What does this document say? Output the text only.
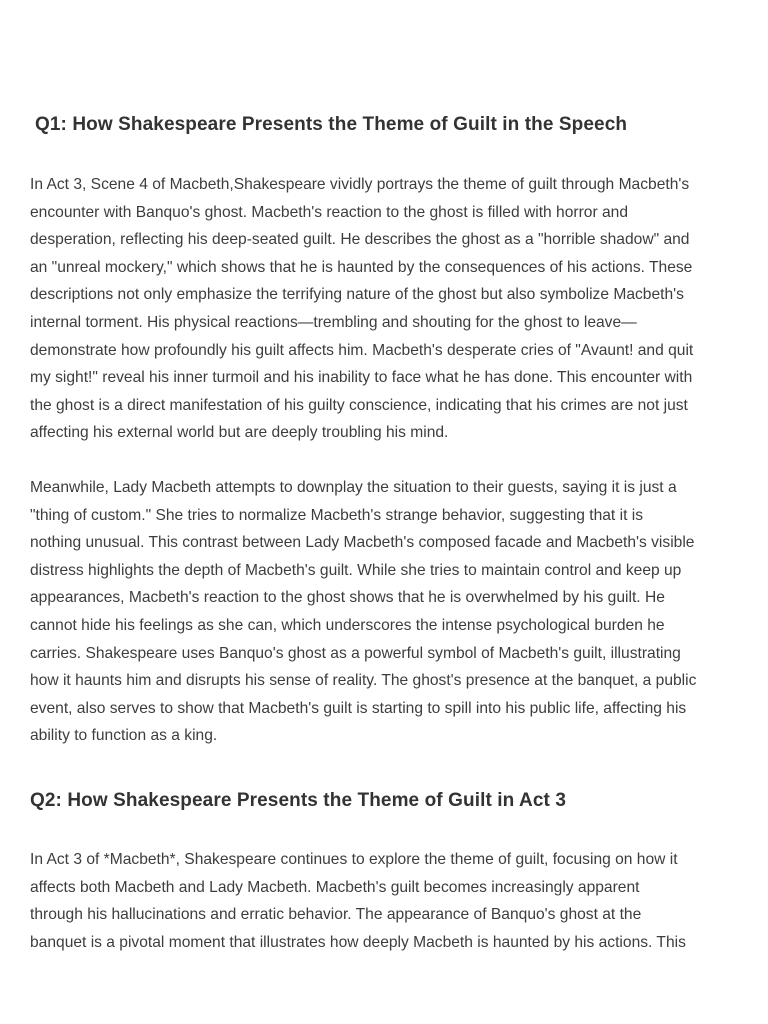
Q1: How Shakespeare Presents the Theme of Guilt in the Speech
In Act 3, Scene 4 of Macbeth,Shakespeare vividly portrays the theme of guilt through Macbeth's
encounter with Banquo's ghost. Macbeth's reaction to the ghost is filled with horror and
desperation, reflecting his deep-seated guilt. He describes the ghost as a "horrible shadow" and
an "unreal mockery," which shows that he is haunted by the consequences of his actions. These
descriptions not only emphasize the terrifying nature of the ghost but also symbolize Macbeth's
internal torment. His physical reactions—trembling and shouting for the ghost to leave—
demonstrate how profoundly his guilt affects him. Macbeth's desperate cries of "Avaunt! and quit
my sight!" reveal his inner turmoil and his inability to face what he has done. This encounter with
the ghost is a direct manifestation of his guilty conscience, indicating that his crimes are not just
affecting his external world but are deeply troubling his mind.
Meanwhile, Lady Macbeth attempts to downplay the situation to their guests, saying it is just a
"thing of custom." She tries to normalize Macbeth's strange behavior, suggesting that it is
nothing unusual. This contrast between Lady Macbeth's composed facade and Macbeth's visible
distress highlights the depth of Macbeth's guilt. While she tries to maintain control and keep up
appearances, Macbeth's reaction to the ghost shows that he is overwhelmed by his guilt. He
cannot hide his feelings as she can, which underscores the intense psychological burden he
carries. Shakespeare uses Banquo's ghost as a powerful symbol of Macbeth's guilt, illustrating
how it haunts him and disrupts his sense of reality. The ghost's presence at the banquet, a public
event, also serves to show that Macbeth's guilt is starting to spill into his public life, affecting his
ability to function as a king.
Q2: How Shakespeare Presents the Theme of Guilt in Act 3
In Act 3 of *Macbeth*, Shakespeare continues to explore the theme of guilt, focusing on how it
affects both Macbeth and Lady Macbeth. Macbeth's guilt becomes increasingly apparent
through his hallucinations and erratic behavior. The appearance of Banquo's ghost at the
banquet is a pivotal moment that illustrates how deeply Macbeth is haunted by his actions. This
